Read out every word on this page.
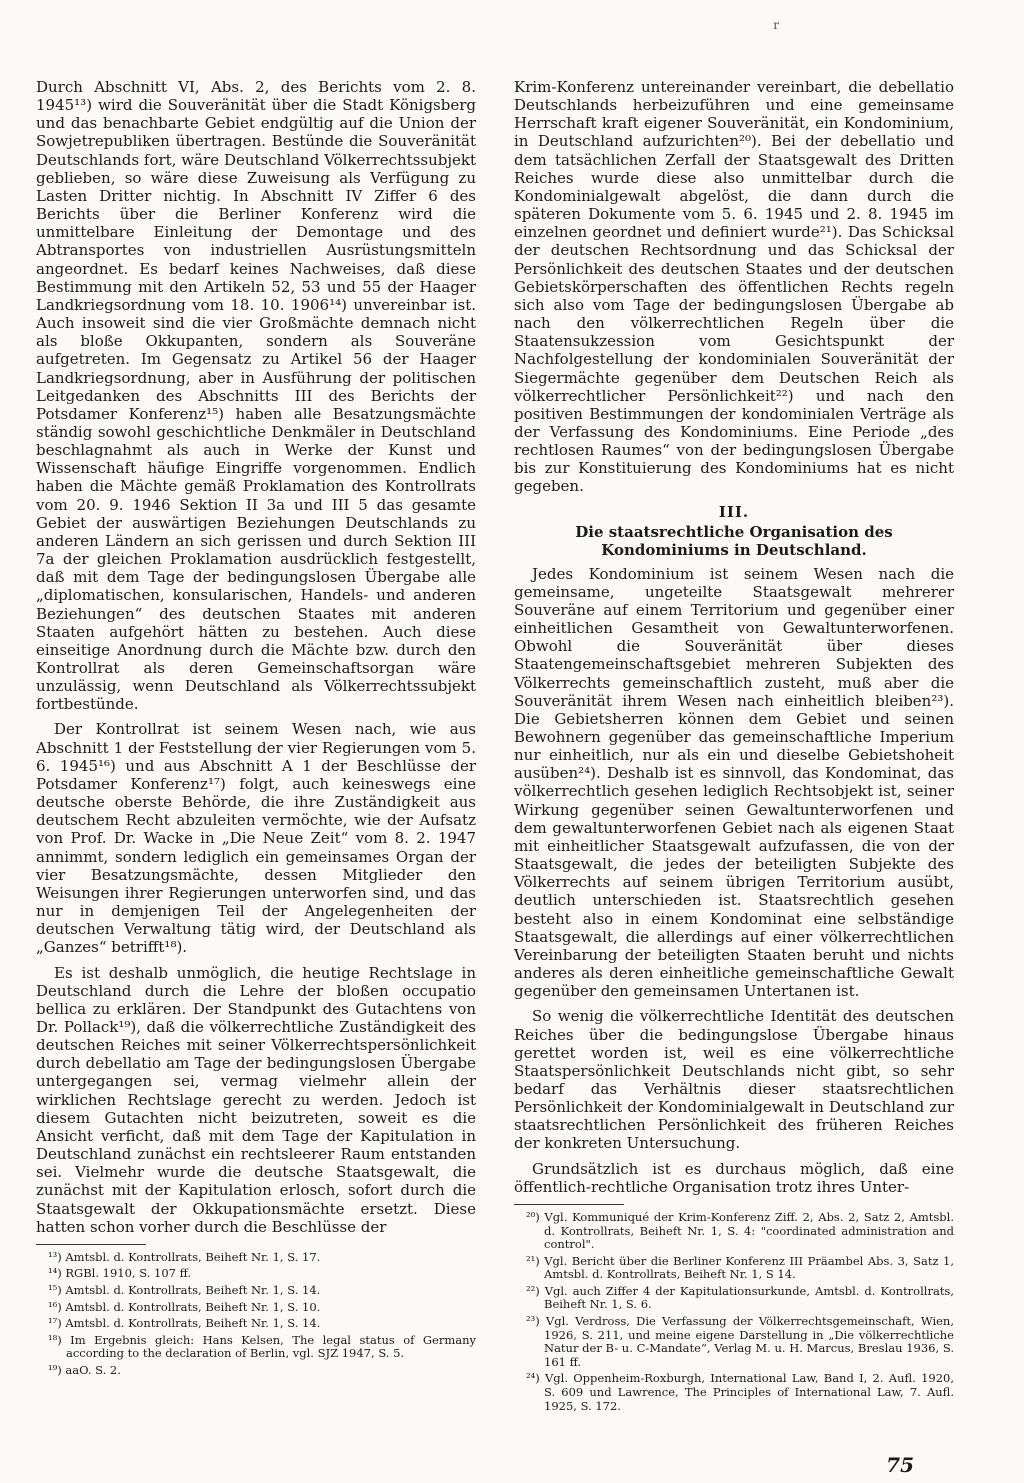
r

Durch Abschnitt VI, Abs. 2, des Berichts vom 2. 8. 1945¹³) wird die Souveränität über die Stadt Königsberg und das benachbarte Gebiet endgültig auf die Union der Sowjetrepubliken übertragen. Bestünde die Souveränität Deutschlands fort, wäre Deutschland Völkerrechtssubjekt geblieben, so wäre diese Zuweisung als Verfügung zu Lasten Dritter nichtig. In Abschnitt IV Ziffer 6 des Berichts über die Berliner Konferenz wird die unmittelbare Einleitung der Demontage und des Abtransportes von industriellen Ausrüstungsmitteln angeordnet. Es bedarf keines Nachweises, daß diese Bestimmung mit den Artikeln 52, 53 und 55 der Haager Landkriegsordnung vom 18. 10. 1906¹⁴) unvereinbar ist. Auch insoweit sind die vier Großmächte demnach nicht als bloße Okkupanten, sondern als Souveräne aufgetreten. Im Gegensatz zu Artikel 56 der Haager Landkriegsordnung, aber in Ausführung der politischen Leitgedanken des Abschnitts III des Berichts der Potsdamer Konferenz¹⁵) haben alle Besatzungsmächte ständig sowohl geschichtliche Denkmäler in Deutschland beschlagnahmt als auch in Werke der Kunst und Wissenschaft häufige Eingriffe vorgenommen. Endlich haben die Mächte gemäß Proklamation des Kontrollrats vom 20. 9. 1946 Sektion II 3a und III 5 das gesamte Gebiet der auswärtigen Beziehungen Deutschlands zu anderen Ländern an sich gerissen und durch Sektion III 7a der gleichen Proklamation ausdrücklich festgestellt, daß mit dem Tage der bedingungslosen Übergabe alle „diplomatischen, konsularischen, Handels- und anderen Beziehungen“ des deutschen Staates mit anderen Staaten aufgehört hätten zu bestehen. Auch diese einseitige Anordnung durch die Mächte bzw. durch den Kontrollrat als deren Gemeinschaftsorgan wäre unzulässig, wenn Deutschland als Völkerrechtssubjekt fortbestünde.

Der Kontrollrat ist seinem Wesen nach, wie aus Abschnitt 1 der Feststellung der vier Regierungen vom 5. 6. 1945¹⁶) und aus Abschnitt A 1 der Beschlüsse der Potsdamer Konferenz¹⁷) folgt, auch keineswegs eine deutsche oberste Behörde, die ihre Zuständigkeit aus deutschem Recht abzuleiten vermöchte, wie der Aufsatz von Prof. Dr. Wacke in „Die Neue Zeit“ vom 8. 2. 1947 annimmt, sondern lediglich ein gemeinsames Organ der vier Besatzungsmächte, dessen Mitglieder den Weisungen ihrer Regierungen unterworfen sind, und das nur in demjenigen Teil der Angelegenheiten der deutschen Verwaltung tätig wird, der Deutschland als „Ganzes“ betrifft¹⁸).

Es ist deshalb unmöglich, die heutige Rechtslage in Deutschland durch die Lehre der bloßen occupatio bellica zu erklären. Der Standpunkt des Gutachtens von Dr. Pollack¹⁹), daß die völkerrechtliche Zuständigkeit des deutschen Reiches mit seiner Völkerrechtspersönlichkeit durch debellatio am Tage der bedingungslosen Übergabe untergegangen sei, vermag vielmehr allein der wirklichen Rechtslage gerecht zu werden. Jedoch ist diesem Gutachten nicht beizutreten, soweit es die Ansicht verficht, daß mit dem Tage der Kapitulation in Deutschland zunächst ein rechtsleerer Raum entstanden sei. Vielmehr wurde die deutsche Staatsgewalt, die zunächst mit der Kapitulation erlosch, sofort durch die Staatsgewalt der Okkupationsmächte ersetzt. Diese hatten schon vorher durch die Beschlüsse der

¹³) Amtsbl. d. Kontrollrats, Beiheft Nr. 1, S. 17.

¹⁴) RGBl. 1910, S. 107 ff.

¹⁵) Amtsbl. d. Kontrollrats, Beiheft Nr. 1, S. 14.

¹⁶) Amtsbl. d. Kontrollrats, Beiheft Nr. 1, S. 10.

¹⁷) Amtsbl. d. Kontrollrats, Beiheft Nr. 1, S. 14.

¹⁸) Im Ergebnis gleich: Hans Kelsen, The legal status of Germany according to the declaration of Berlin, vgl. SJZ 1947, S. 5.

¹⁹) aaO. S. 2.

Krim-Konferenz untereinander vereinbart, die debellatio Deutschlands herbeizuführen und eine gemeinsame Herrschaft kraft eigener Souveränität, ein Kondominium, in Deutschland aufzurichten²⁰). Bei der debellatio und dem tatsächlichen Zerfall der Staatsgewalt des Dritten Reiches wurde diese also unmittelbar durch die Kondominialgewalt abgelöst, die dann durch die späteren Dokumente vom 5. 6. 1945 und 2. 8. 1945 im einzelnen geordnet und definiert wurde²¹). Das Schicksal der deutschen Rechtsordnung und das Schicksal der Persönlichkeit des deutschen Staates und der deutschen Gebietskörperschaften des öffentlichen Rechts regeln sich also vom Tage der bedingungslosen Übergabe ab nach den völkerrechtlichen Regeln über die Staatensukzession vom Gesichtspunkt der Nachfolgestellung der kondominialen Souveränität der Siegermächte gegenüber dem Deutschen Reich als völkerrechtlicher Persönlichkeit²²) und nach den positiven Bestimmungen der kondominialen Verträge als der Verfassung des Kondominiums. Eine Periode „des rechtlosen Raumes“ von der bedingungslosen Übergabe bis zur Konstituierung des Kondominiums hat es nicht gegeben.

III.
Die staatsrechtliche Organisation des Kondominiums in Deutschland.

Jedes Kondominium ist seinem Wesen nach die gemeinsame, ungeteilte Staatsgewalt mehrerer Souveräne auf einem Territorium und gegenüber einer einheitlichen Gesamtheit von Gewaltunterworfenen. Obwohl die Souveränität über dieses Staatengemeinschaftsgebiet mehreren Subjekten des Völkerrechts gemeinschaftlich zusteht, muß aber die Souveränität ihrem Wesen nach einheitlich bleiben²³). Die Gebietsherren können dem Gebiet und seinen Bewohnern gegenüber das gemeinschaftliche Imperium nur einheitlich, nur als ein und dieselbe Gebietshoheit ausüben²⁴). Deshalb ist es sinnvoll, das Kondominat, das völkerrechtlich gesehen lediglich Rechtsobjekt ist, seiner Wirkung gegenüber seinen Gewaltunterworfenen und dem gewaltunterworfenen Gebiet nach als eigenen Staat mit einheitlicher Staatsgewalt aufzufassen, die von der Staatsgewalt, die jedes der beteiligten Subjekte des Völkerrechts auf seinem übrigen Territorium ausübt, deutlich unterschieden ist. Staatsrechtlich gesehen besteht also in einem Kondominat eine selbständige Staatsgewalt, die allerdings auf einer völkerrechtlichen Vereinbarung der beteiligten Staaten beruht und nichts anderes als deren einheitliche gemeinschaftliche Gewalt gegenüber den gemeinsamen Untertanen ist.

So wenig die völkerrechtliche Identität des deutschen Reiches über die bedingungslose Übergabe hinaus gerettet worden ist, weil es eine völkerrechtliche Staatspersönlichkeit Deutschlands nicht gibt, so sehr bedarf das Verhältnis dieser staatsrechtlichen Persönlichkeit der Kondominialgewalt in Deutschland zur staatsrechtlichen Persönlichkeit des früheren Reiches der konkreten Untersuchung.

Grundsätzlich ist es durchaus möglich, daß eine öffentlich-rechtliche Organisation trotz ihres Unter-

²⁰) Vgl. Kommuniqué der Krim-Konferenz Ziff. 2, Abs. 2, Satz 2, Amtsbl. d. Kontrollrats, Beiheft Nr. 1, S. 4: "coordinated administration and control".

²¹) Vgl. Bericht über die Berliner Konferenz III Präambel Abs. 3, Satz 1, Amtsbl. d. Kontrollrats, Beiheft Nr. 1, S 14.

²²) Vgl. auch Ziffer 4 der Kapitulationsurkunde, Amtsbl. d. Kontrollrats, Beiheft Nr. 1, S. 6.

²³) Vgl. Verdross, Die Verfassung der Völkerrechtsgemeinschaft, Wien, 1926, S. 211, und meine eigene Darstellung in „Die völkerrechtliche Natur der B- u. C-Mandate“, Verlag M. u. H. Marcus, Breslau 1936, S. 161 ff.

²⁴) Vgl. Oppenheim-Roxburgh, International Law, Band I, 2. Aufl. 1920, S. 609 und Lawrence, The Principles of International Law, 7. Aufl. 1925, S. 172.

75
